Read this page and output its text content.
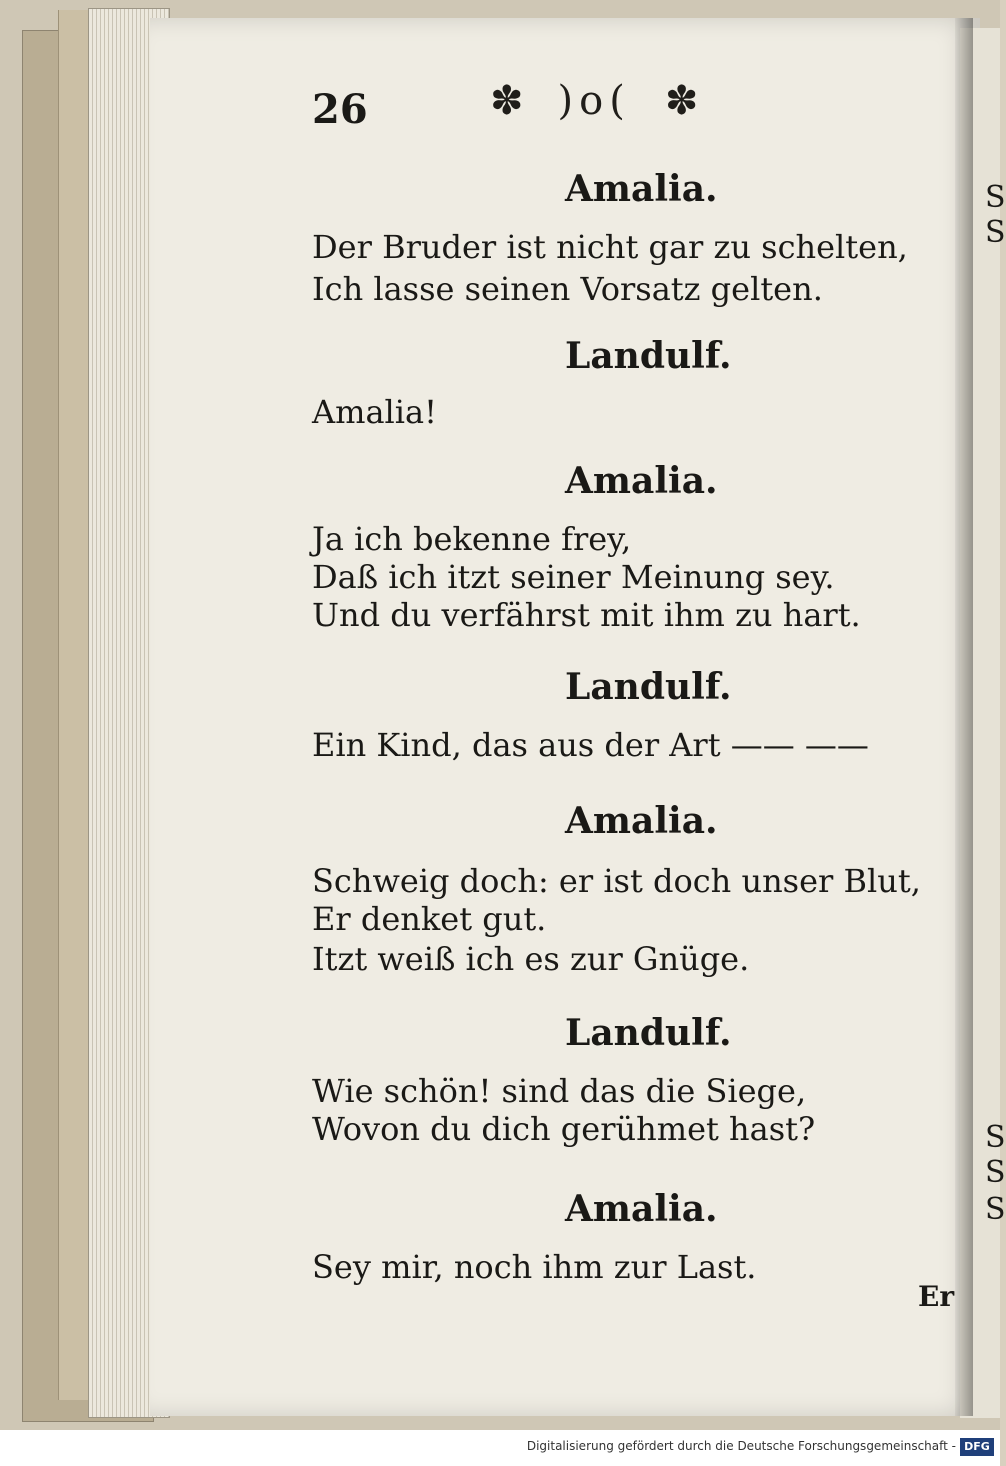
S
S
S
S
S
26	✽ )o( ✽
Amalia.
Der Bruder ist nicht gar zu schelten,
Ich lasse seinen Vorsatz gelten.
Landulf.
Amalia!
Amalia.
Ja ich bekenne frey,
Daß ich itzt seiner Meinung sey.
Und du verfährst mit ihm zu hart.
Landulf.
Ein Kind, das aus der Art —— ——
Amalia.
Schweig doch: er ist doch unser Blut,
Er denket gut.
Itzt weiß ich es zur Gnüge.
Landulf.
Wie schön! sind das die Siege,
Wovon du dich gerühmet hast?
Amalia.
Sey mir, noch ihm zur Last.
Er
Digitalisierung gefördert durch die Deutsche Forschungsgemeinschaft - DFG
